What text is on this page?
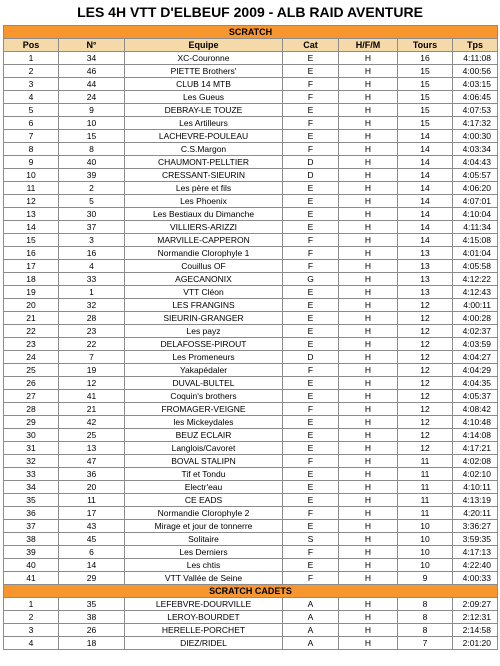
LES 4H VTT D'ELBEUF 2009 - ALB RAID AVENTURE
SCRATCH						
Pos	N°	Equipe	Cat	H/F/M	Tours	Tps
1	34	XC-Couronne	E	H	16	4:11:08
2	46	PIETTE Brothers'	E	H	15	4:00:56
3	44	CLUB 14 MTB	F	H	15	4:03:15
4	24	Les Gueus	F	H	15	4:06:45
5	9	DEBRAY-LE TOUZE	E	H	15	4:07:53
6	10	Les Artilleurs	F	H	15	4:17:32
7	15	LACHEVRE-POULEAU	E	H	14	4:00:30
8	8	C.S.Margon	F	H	14	4:03:34
9	40	CHAUMONT-PELLTIER	D	H	14	4:04:43
10	39	CRESSANT-SIEURIN	D	H	14	4:05:57
11	2	Les père et fils	E	H	14	4:06:20
12	5	Les Phoenix	E	H	14	4:07:01
13	30	Les Bestiaux du Dimanche	E	H	14	4:10:04
14	37	VILLIERS-ARIZZI	E	H	14	4:11:34
15	3	MARVILLE-CAPPERON	F	H	14	4:15:08
16	16	Normandie Clorophyle 1	F	H	13	4:01:04
17	4	Couillus OF	F	H	13	4:05:58
18	33	AGECANONIX	G	H	13	4:12:22
19	1	VTT Cléon	E	H	13	4:12:43
20	32	LES FRANGINS	E	H	12	4:00:11
21	28	SIEURIN-GRANGER	E	H	12	4:00:28
22	23	Les payz	E	H	12	4:02:37
23	22	DELAFOSSE-PIROUT	E	H	12	4:03:59
24	7	Les Promeneurs	D	H	12	4:04:27
25	19	Yakapédaler	F	H	12	4:04:29
26	12	DUVAL-BULTEL	E	H	12	4:04:35
27	41	Coquin's brothers	E	H	12	4:05:37
28	21	FROMAGER-VEIGNE	F	H	12	4:08:42
29	42	les Mickeydales	E	H	12	4:10:48
30	25	BEUZ ECLAIR	E	H	12	4:14:08
31	13	Langlois/Cavoret	E	H	12	4:17:21
32	47	BOVAL STALIPN	F	H	11	4:02:08
33	36	Tif et Tondu	E	H	11	4:02:10
34	20	Electr'eau	E	H	11	4:10:11
35	11	CE EADS	E	H	11	4:13:19
36	17	Normandie Clorophyle 2	F	H	11	4:20:11
37	43	Mirage et jour de tonnerre	E	H	10	3:36:27
38	45	Solitaire	S	H	10	3:59:35
39	6	Les Derniers	F	H	10	4:17:13
40	14	Les chtis	E	H	10	4:22:40
41	29	VTT Vallée de Seine	F	H	9	4:00:33
SCRATCH CADETS						
1	35	LEFEBVRE-DOURVILLE	A	H	8	2:09:27
2	38	LEROY-BOURDET	A	H	8	2:12:31
3	26	HERELLE-PORCHET	A	H	8	2:14:58
4	18	DIEZ/RIDEL	A	H	7	2:01:20
